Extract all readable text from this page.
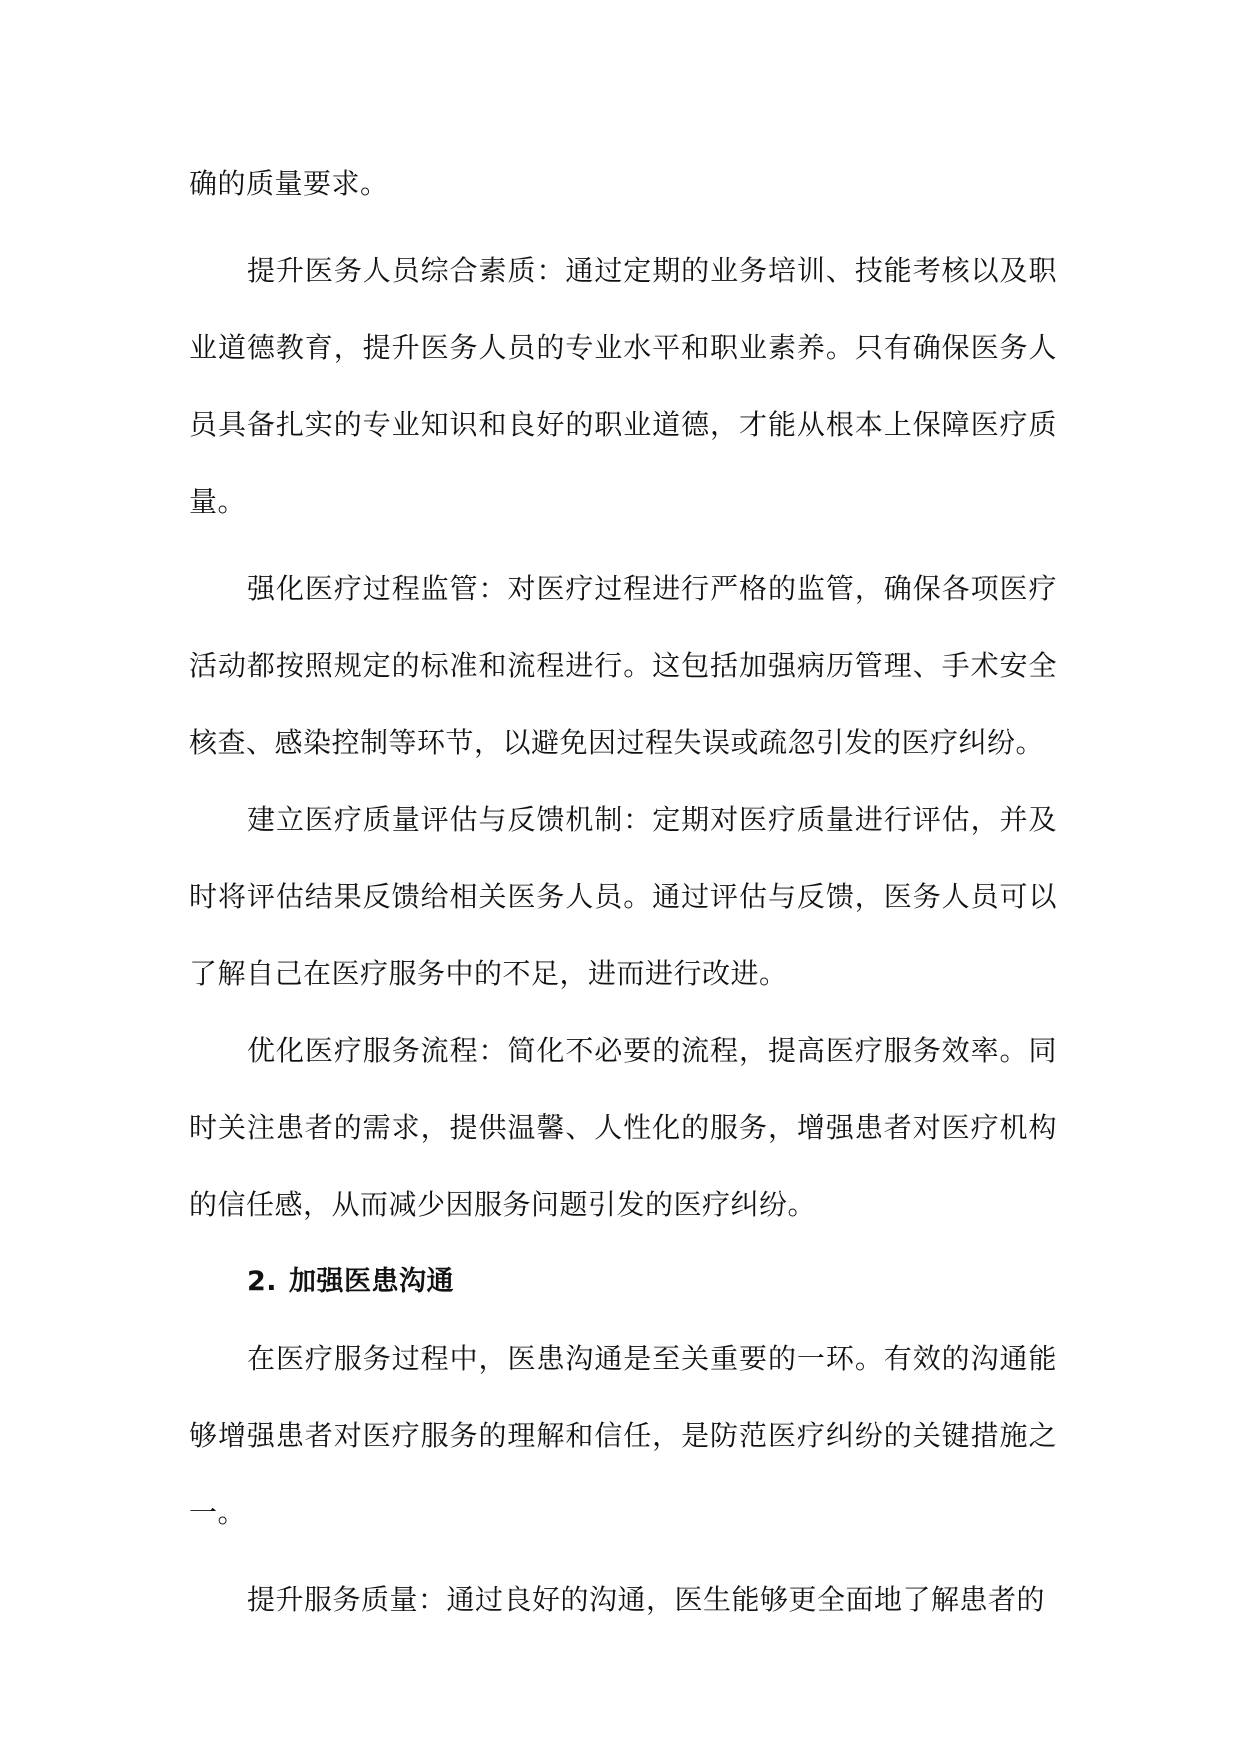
确的质量要求。

提升医务人员综合素质：通过定期的业务培训、技能考核以及职业道德教育，提升医务人员的专业水平和职业素养。只有确保医务人员具备扎实的专业知识和良好的职业道德，才能从根本上保障医疗质量。

强化医疗过程监管：对医疗过程进行严格的监管，确保各项医疗活动都按照规定的标准和流程进行。这包括加强病历管理、手术安全核查、感染控制等环节，以避免因过程失误或疏忽引发的医疗纠纷。

建立医疗质量评估与反馈机制：定期对医疗质量进行评估，并及时将评估结果反馈给相关医务人员。通过评估与反馈，医务人员可以了解自己在医疗服务中的不足，进而进行改进。

优化医疗服务流程：简化不必要的流程，提高医疗服务效率。同时关注患者的需求，提供温馨、人性化的服务，增强患者对医疗机构的信任感，从而减少因服务问题引发的医疗纠纷。

2. 加强医患沟通

在医疗服务过程中，医患沟通是至关重要的一环。有效的沟通能够增强患者对医疗服务的理解和信任，是防范医疗纠纷的关键措施之一。

提升服务质量：通过良好的沟通，医生能够更全面地了解患者的
